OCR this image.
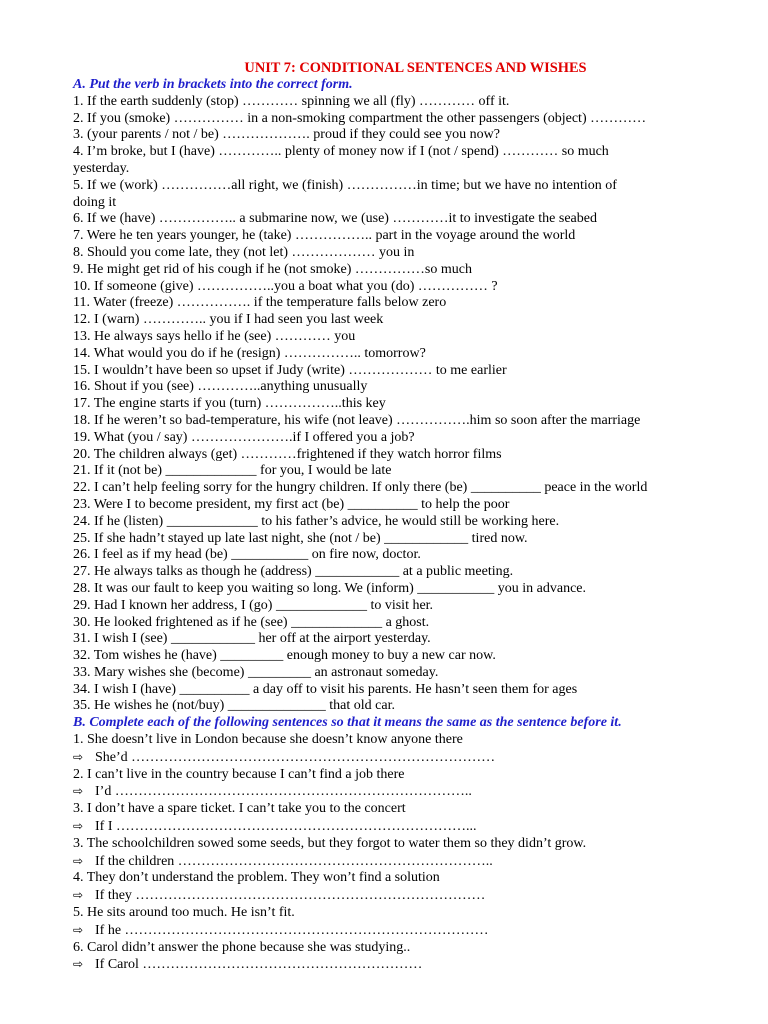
UNIT 7: CONDITIONAL SENTENCES AND WISHES
A. Put the verb in brackets into the correct form.
1. If the earth suddenly (stop) ………… spinning we all (fly) ………… off it.
2. If you (smoke) …………… in a non-smoking compartment the other passengers (object) …………
3. (your parents / not / be) ………………. proud if they could see you now?
4. I’m broke, but I (have) ………….. plenty of money now if I (not / spend) ………… so much
yesterday.
5. If we (work) ……………all right, we (finish) ……………in time; but we have no intention of
doing it
6. If we (have) …………….. a submarine now, we (use) …………it to investigate the seabed
7. Were he ten years younger, he (take) …………….. part in the voyage around the world
8. Should you come late, they (not let) ……………… you in
9. He might get rid of his cough if he (not smoke) ……………so much
10. If someone (give) ……………..you a boat what you (do) …………… ?
11. Water (freeze) ……………. if the temperature falls below zero
12. I (warn) ………….. you if I had seen you last week
13. He always says hello if he (see) ………… you
14. What would you do if he (resign) …………….. tomorrow?
15. I wouldn’t have been so upset if Judy (write) ……………… to me earlier
16. Shout if you (see) …………..anything unusually
17. The engine starts if you (turn) ……………..this key
18. If he weren’t so bad-temperature, his wife (not leave) …………….him so soon after the marriage
19. What (you / say) ………………….if I offered you a job?
20. The children always (get) …………frightened if they watch horror films
21. If it (not be) _____________ for you, I would be late
22. I can’t help feeling sorry for the hungry children. If only there (be) __________ peace in the world
23. Were I to become president, my first act (be) __________ to help the poor
24. If he (listen) _____________ to his father’s advice, he would still be working here.
25. If she hadn’t stayed up late last night, she (not / be) ____________ tired now.
26. I feel as if my head (be) ___________ on fire now, doctor.
27. He always talks as though he (address) ____________ at a public meeting.
28. It was our fault to keep you waiting so long. We (inform) ___________ you in advance.
29. Had I known her address, I (go) _____________ to visit her.
30. He looked frightened as if he (see) _____________ a ghost.
31. I wish I (see) ____________ her off at the airport yesterday.
32. Tom wishes he (have) _________ enough money to buy a new car now.
33. Mary wishes she (become) _________ an astronaut someday.
34. I wish I (have) __________ a day off to visit his parents. He hasn’t seen them for ages
35. He wishes he (not/buy) ______________ that old car.
B. Complete each of the following sentences so that it means the same as the sentence before it.
1. She doesn’t live in London because she doesn’t know anyone there
⇨ She’d ……………………………………………………………………
2. I can’t live in the country because I can’t find a job there
⇨ I’d …………………………………………………………………..
3. I don’t have a spare ticket. I can’t take you to the concert
⇨ If I …………………………………………………………………...
3. The schoolchildren sowed some seeds, but they forgot to water them so they didn’t grow.
⇨ If the children …………………………………………………………..
4. They don’t understand the problem. They won’t find a solution
⇨ If they …………………………………………………………………
5. He sits around too much. He isn’t fit.
⇨ If he ……………………………………………………………………
6. Carol didn’t answer the phone because she was studying..
⇨ If Carol ……………………………………………………
